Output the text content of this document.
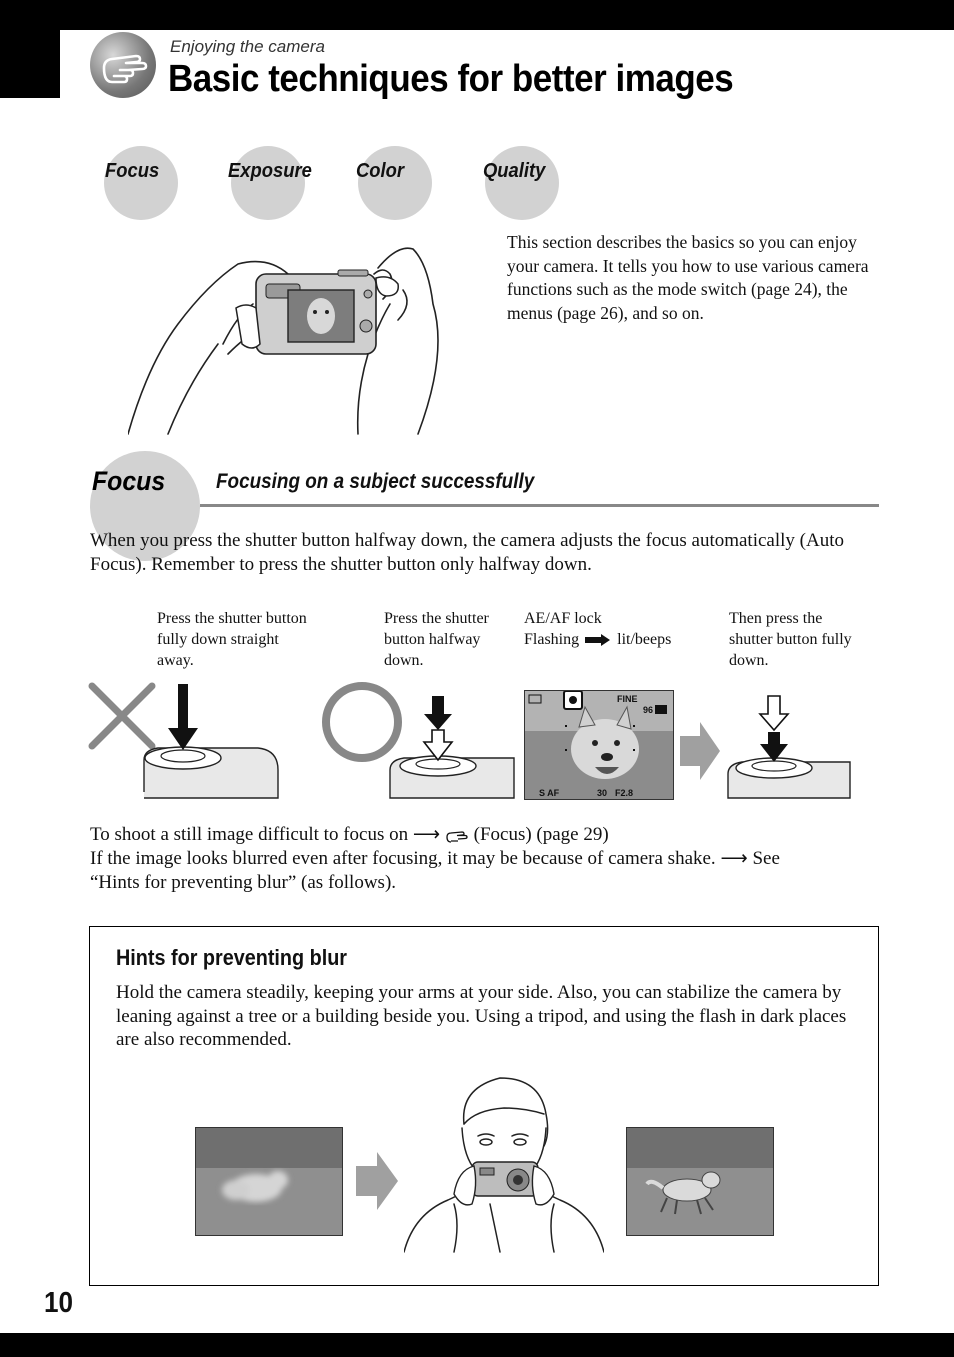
Enjoying the camera
Basic techniques for better images
Focus	Exposure Color	Quality
This section describes the basics so you can enjoy your camera. It tells you how to use various camera functions such as the mode switch (page 24), the menus (page 26), and so on.
Focus Focusing on a subject successfully
When you press the shutter button halfway down, the camera adjusts the focus automatically (Auto Focus). Remember to press the shutter button only halfway down.
Press the shutter button fully down straight away.
Press the shutter button halfway down.
AE/AF lock
Flashing lit/beeps
Then press the shutter button fully down.
FINE
96
S AF	30 F2.8
To shoot a still image difficult to focus on ⟶ (Focus) (page 29)
If the image looks blurred even after focusing, it may be because of camera shake. ⟶ See
“Hints for preventing blur” (as follows).
Hints for preventing blur
Hold the camera steadily, keeping your arms at your side. Also, you can stabilize the camera by leaning against a tree or a building beside you. Using a tripod, and using the flash in dark places are also recommended.
10
